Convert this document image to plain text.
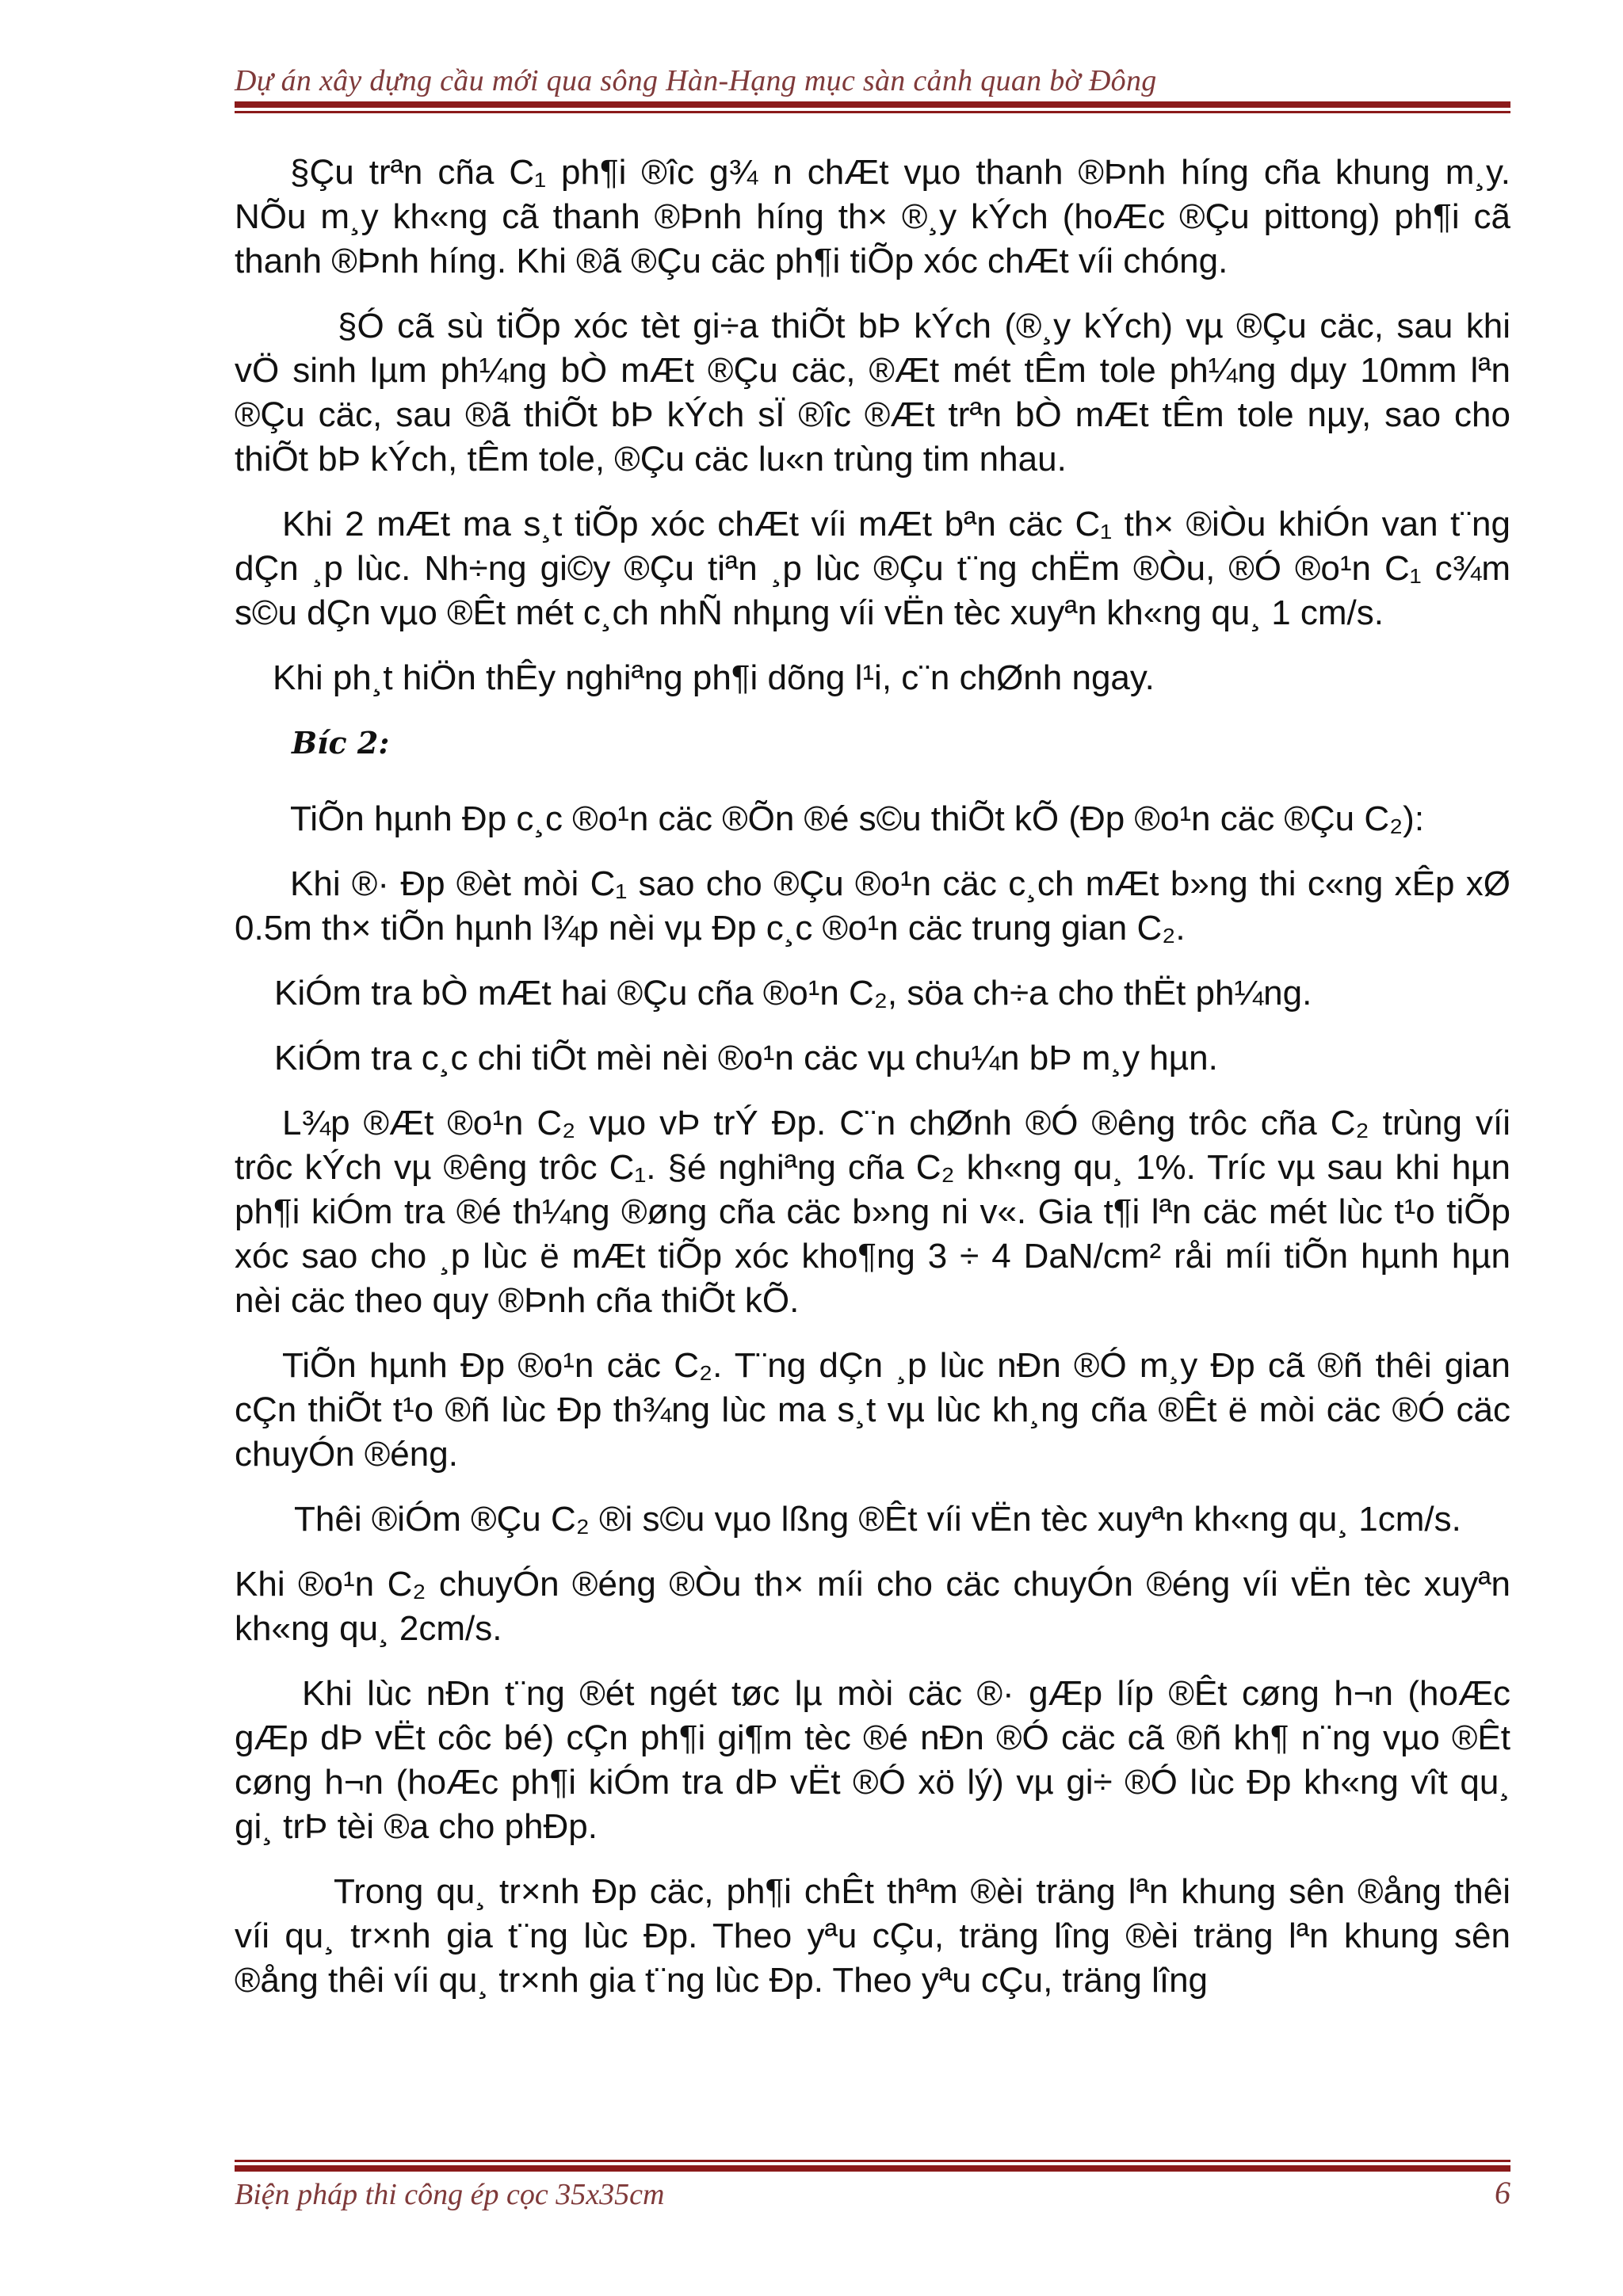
Dự án xây dựng cầu mới qua sông Hàn-Hạng mục sàn cảnh quan bờ Đông

§Çu trªn cña C₁ ph¶i ®îc g¾ n chÆt vµo thanh ®Þnh híng cña khung m¸y. NÕu m¸y kh«ng cã thanh ®Þnh híng th× ®¸y kÝch (hoÆc ®Çu pittong) ph¶i cã thanh ®Þnh híng. Khi ®ã ®Çu cäc ph¶i tiÕp xóc chÆt víi chóng.

§Ó cã sù tiÕp xóc tèt gi÷a thiÕt bÞ kÝch (®¸y kÝch) vµ ®Çu cäc, sau khi vÖ sinh lµm ph¼ng bÒ mÆt ®Çu cäc, ®Æt mét tÊm tole ph¼ng dµy 10mm lªn ®Çu cäc, sau ®ã thiÕt bÞ kÝch sÏ ®îc ®Æt trªn bÒ mÆt tÊm tole nµy, sao cho thiÕt bÞ kÝch, tÊm tole, ®Çu cäc lu«n trùng tim nhau.

Khi 2 mÆt ma s¸t tiÕp xóc chÆt víi mÆt bªn cäc C₁ th× ®iÒu khiÓn van t¨ng dÇn ¸p lùc. Nh÷ng gi©y ®Çu tiªn ¸p lùc ®Çu t¨ng chËm ®Òu, ®Ó ®o¹n C₁ c¾m s©u dÇn vµo ®Êt mét c¸ch nhÑ nhµng víi vËn tèc xuyªn kh«ng qu¸ 1 cm/s.

Khi ph¸t hiÖn thÊy nghiªng ph¶i dõng l¹i, c¨n chØnh ngay.

Bíc 2:

TiÕn hµnh Ðp c¸c ®o¹n cäc ®Õn ®é s©u thiÕt kÕ (Ðp ®o¹n cäc ®Çu C₂):

Khi ®· Ðp ®èt mòi C₁ sao cho ®Çu ®o¹n cäc c¸ch mÆt b»ng thi c«ng xÊp xØ 0.5m th× tiÕn hµnh l¾p nèi vµ Ðp c¸c ®o¹n cäc trung gian C₂.

KiÓm tra bÒ mÆt hai ®Çu cña ®o¹n C₂, söa ch÷a cho thËt ph¼ng.

KiÓm tra c¸c chi tiÕt mèi nèi ®o¹n cäc vµ chu¼n bÞ m¸y hµn.

L¾p ®Æt ®o¹n C₂ vµo vÞ trÝ Ðp. C¨n chØnh ®Ó ®êng trôc cña C₂ trùng víi trôc kÝch vµ ®êng trôc C₁. §é nghiªng cña C₂ kh«ng qu¸ 1%. Tríc vµ sau khi hµn ph¶i kiÓm tra ®é th¼ng ®øng cña cäc b»ng ni v«. Gia t¶i lªn cäc mét lùc t¹o tiÕp xóc sao cho ¸p lùc ë mÆt tiÕp xóc kho¶ng 3 ÷ 4 DaN/cm² råi míi tiÕn hµnh hµn nèi cäc theo quy ®Þnh cña thiÕt kÕ.

TiÕn hµnh Ðp ®o¹n cäc C₂. T¨ng dÇn ¸p lùc nÐn ®Ó m¸y Ðp cã ®ñ thêi gian cÇn thiÕt t¹o ®ñ lùc Ðp th¾ng lùc ma s¸t vµ lùc kh¸ng cña ®Êt ë mòi cäc ®Ó cäc chuyÓn ®éng.

Thêi ®iÓm ®Çu C₂ ®i s©u vµo lßng ®Êt víi vËn tèc xuyªn kh«ng qu¸ 1cm/s.

Khi ®o¹n C₂ chuyÓn ®éng ®Òu th× míi cho cäc chuyÓn ®éng víi vËn tèc xuyªn kh«ng qu¸ 2cm/s.

Khi lùc nÐn t¨ng ®ét ngét tøc lµ mòi cäc ®· gÆp líp ®Êt cøng h¬n (hoÆc gÆp dÞ vËt côc bé) cÇn ph¶i gi¶m tèc ®é nÐn ®Ó cäc cã ®ñ kh¶ n¨ng vµo ®Êt cøng h¬n (hoÆc ph¶i kiÓm tra dÞ vËt ®Ó xö lý) vµ gi÷ ®Ó lùc Ðp kh«ng vît qu¸ gi¸ trÞ tèi ®a cho phÐp.

Trong qu¸ tr×nh Ðp cäc, ph¶i chÊt thªm ®èi träng lªn khung sên ®ång thêi víi qu¸ tr×nh gia t¨ng lùc Ðp. Theo yªu cÇu, träng lîng ®èi träng lªn khung sên ®ång thêi víi qu¸ tr×nh gia t¨ng lùc Ðp. Theo yªu cÇu, träng lîng

Biện pháp thi công ép cọc 35x35cm	6
